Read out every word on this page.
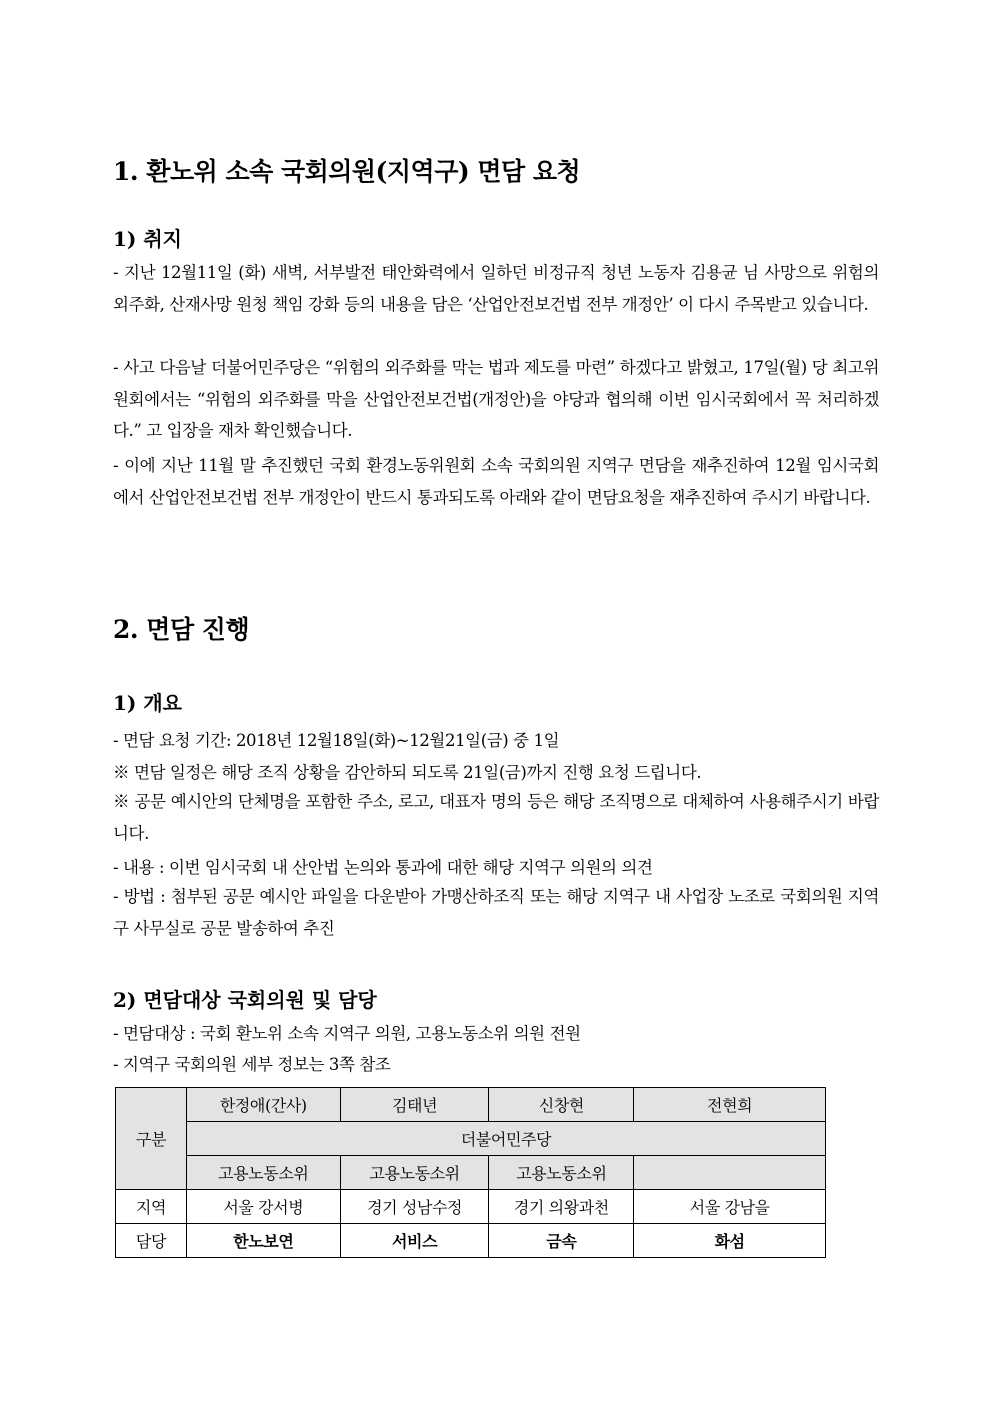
1. 환노위 소속 국회의원(지역구) 면담 요청
1) 취지
- 지난 12월11일 (화) 새벽, 서부발전 태안화력에서 일하던 비정규직 청년 노동자 김용균 님 사망으로 위험의 외주화, 산재사망 원청 책임 강화 등의 내용을 담은 ‘산업안전보건법 전부 개정안’ 이 다시 주목받고 있습니다.
- 사고 다음날 더불어민주당은 “위험의 외주화를 막는 법과 제도를 마련” 하겠다고 밝혔고, 17일(월) 당 최고위원회에서는 “위험의 외주화를 막을 산업안전보건법(개정안)을 야당과 협의해 이번 임시국회에서 꼭 처리하겠다.” 고 입장을 재차 확인했습니다.
- 이에 지난 11월 말 추진했던 국회 환경노동위원회 소속 국회의원 지역구 면담을 재추진하여 12월 임시국회에서 산업안전보건법 전부 개정안이 반드시 통과되도록 아래와 같이 면담요청을 재추진하여 주시기 바랍니다.
2. 면담 진행
1) 개요
- 면담 요청 기간: 2018년 12월18일(화)~12월21일(금) 중 1일
※ 면담 일정은 해당 조직 상황을 감안하되 되도록 21일(금)까지 진행 요청 드립니다.
※ 공문 예시안의 단체명을 포함한 주소, 로고, 대표자 명의 등은 해당 조직명으로 대체하여 사용해주시기 바랍니다.
- 내용 : 이번 임시국회 내 산안법 논의와 통과에 대한 해당 지역구 의원의 의견
- 방법 : 첨부된 공문 예시안 파일을 다운받아 가맹산하조직 또는 해당 지역구 내 사업장 노조로 국회의원 지역구 사무실로 공문 발송하여 추진
2) 면담대상 국회의원 및 담당
- 면담대상 : 국회 환노위 소속 지역구 의원, 고용노동소위 의원 전원
- 지역구 국회의원 세부 정보는 3쪽 참조
구분	한정애(간사)	김태년	신창현	전현희
	더불어민주당			
	고용노동소위	고용노동소위	고용노동소위	
지역	서울 강서병	경기 성남수정	경기 의왕과천	서울 강남을
담당	한노보연	서비스	금속	화섬
